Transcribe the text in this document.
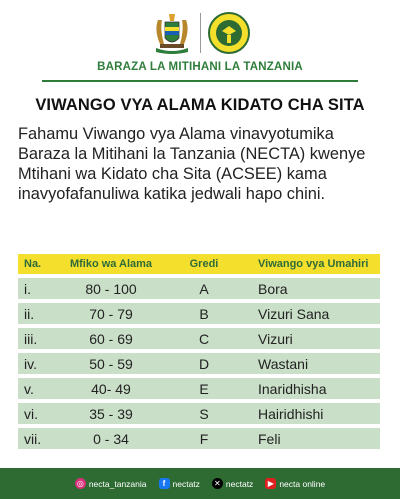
BARAZA LA MITIHANI LA TANZANIA
VIWANGO VYA ALAMA KIDATO CHA SITA
Fahamu Viwango vya Alama vinavyotumika Baraza la Mitihani la Tanzania (NECTA) kwenye Mtihani wa Kidato cha Sita (ACSEE) kama inavyofafanuliwa katika jedwali hapo chini.
Na.	Mfiko wa Alama	Gredi	Viwango vya Umahiri
i.	80 - 100	A	Bora
ii.	70 - 79	B	Vizuri Sana
iii.	60 - 69	C	Vizuri
iv.	50 - 59	D	Wastani
v.	40- 49	E	Inaridhisha
vi.	35 - 39	S	Hairidhishi
vii.	0 - 34	F	Feli
◎ necta_tanzania	f nectatz ✕ nectatz	▶ necta online
